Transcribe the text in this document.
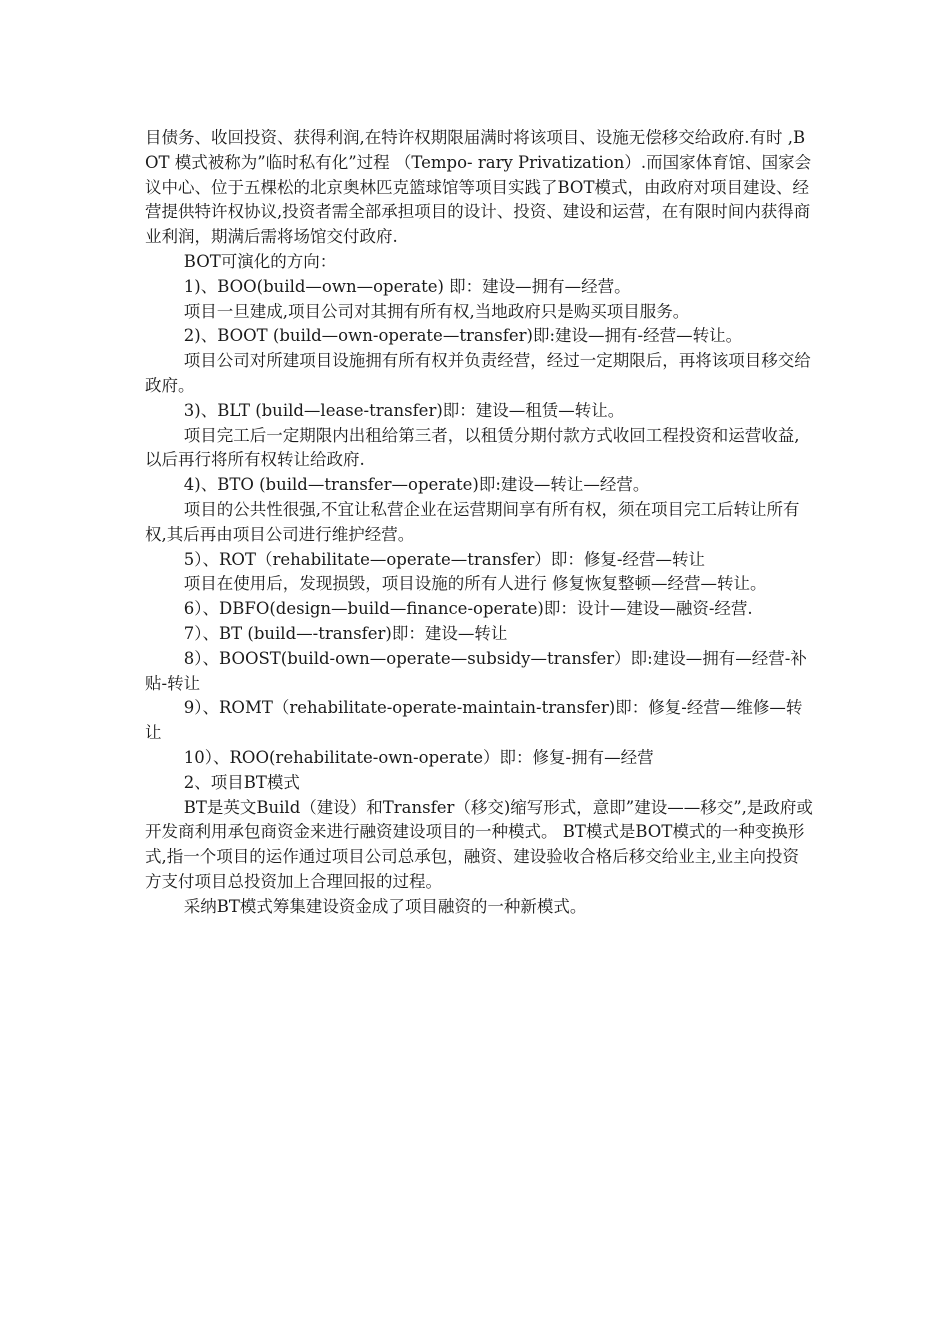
目债务、收回投资、获得利润,在特许权期限届满时将该项目、设施无偿移交给政府.有时 ,BOT 模式被称为”临时私有化”过程 （Tempo- rary Privatization）.而国家体育馆、国家会议中心、位于五棵松的北京奥林匹克篮球馆等项目实践了BOT模式，由政府对项目建设、经营提供特许权协议,投资者需全部承担项目的设计、投资、建设和运营，在有限时间内获得商业利润，期满后需将场馆交付政府.

BOT可演化的方向：

1)、BOO(build—own—operate) 即：建设—拥有—经营。

项目一旦建成,项目公司对其拥有所有权,当地政府只是购买项目服务。

2)、BOOT (build—own-operate—transfer)即:建设—拥有-经营—转让。

项目公司对所建项目设施拥有所有权并负责经营，经过一定期限后，再将该项目移交给政府。

3)、BLT (build—lease-transfer)即：建设—租赁—转让。

项目完工后一定期限内出租给第三者，以租赁分期付款方式收回工程投资和运营收益,以后再行将所有权转让给政府.

4)、BTO (build—transfer—operate)即:建设—转让—经营。

项目的公共性很强,不宜让私营企业在运营期间享有所有权，须在项目完工后转让所有权,其后再由项目公司进行维护经营。

5）、ROT（rehabilitate—operate—transfer）即：修复-经营—转让

项目在使用后，发现损毁，项目设施的所有人进行 修复恢复整顿—经营—转让。

6）、DBFO(design—build—finance-operate)即：设计—建设—融资-经营.

7）、BT (build—-transfer)即：建设—转让

8）、BOOST(build-own—operate—subsidy—transfer）即:建设—拥有—经营-补贴-转让

9）、ROMT（rehabilitate-operate-maintain-transfer)即：修复-经营—维修—转让

10）、ROO(rehabilitate-own-operate）即：修复-拥有—经营

2、项目BT模式

BT是英文Build（建设）和Transfer（移交)缩写形式，意即”建设——移交”,是政府或开发商利用承包商资金来进行融资建设项目的一种模式。 BT模式是BOT模式的一种变换形式,指一个项目的运作通过项目公司总承包，融资、建设验收合格后移交给业主,业主向投资方支付项目总投资加上合理回报的过程。

采纳BT模式筹集建设资金成了项目融资的一种新模式。
